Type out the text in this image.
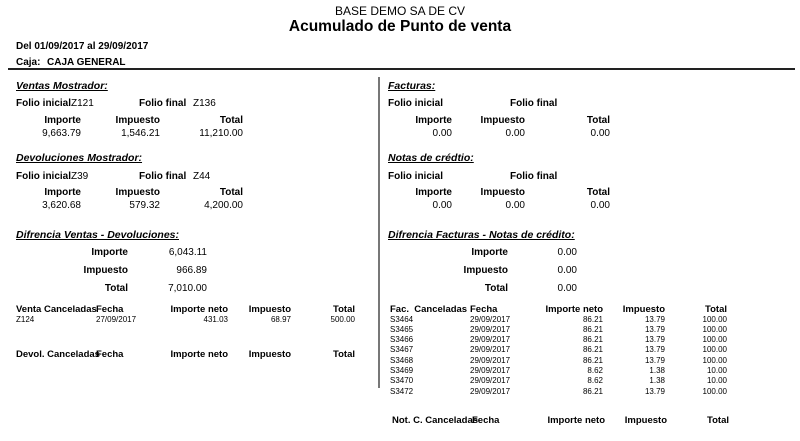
BASE DEMO SA DE CV
Acumulado de Punto de venta
Del 01/09/2017 al 29/09/2017
Caja: CAJA GENERAL
Ventas Mostrador:
Folio inicial Z121	Folio final Z136
Importe	Impuesto	Total
9,663.79	1,546.21	11,210.00
Devoluciones Mostrador:
Folio inicial Z39	Folio final Z44
Importe	Impuesto	Total
3,620.68	579.32	4,200.00
Difrencia Ventas - Devoluciones:
Importe	6,043.11
Impuesto	966.89
Total	7,010.00
Facturas:
Folio inicial	Folio final
Importe	Impuesto	Total
0.00	0.00	0.00
Notas de crédtio:
Folio inicial	Folio final
Importe	Impuesto	Total
0.00	0.00	0.00
Difrencia Facturas - Notas de crédito:
Importe	0.00
Impuesto	0.00
Total	0.00
Venta Canceladas Fecha	Importe neto	Impuesto	Total
Z124	27/09/2017	431.03	68.97	500.00
Devol. Canceladas
Fecha	Importe neto	Impuesto	Total
Fac.  Canceladas Fecha	Importe neto	Impuesto	Total
S3464	29/09/2017	86.21	13.79	100.00
S3465	29/09/2017	86.21	13.79	100.00
S3466	29/09/2017	86.21	13.79	100.00
S3467	29/09/2017	86.21	13.79	100.00
S3468	29/09/2017	86.21	13.79	100.00
S3469	29/09/2017	8.62	1.38	10.00
S3470	29/09/2017	8.62	1.38	10.00
S3472	29/09/2017	86.21	13.79	100.00
Not. C. Canceladas
Fecha	Importe neto	Impuesto	Total
